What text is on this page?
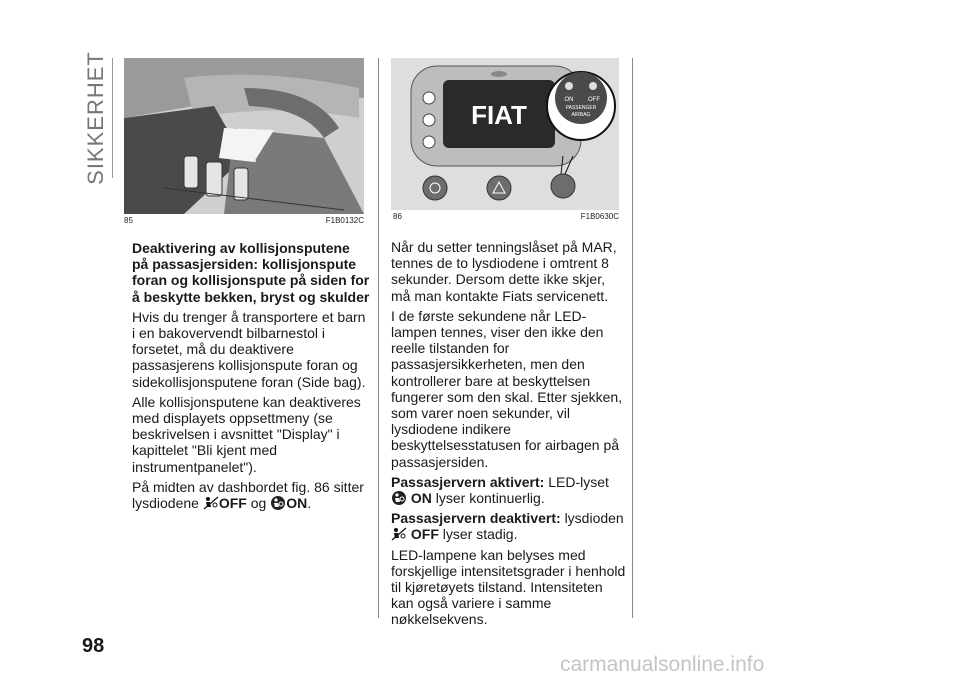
SIKKERHET
85	F1B0132C
FIAT	ON OFF
PASSENGER
AIRBAG
86	F1B0630C

Deaktivering av kollisjonsputene på passasjersiden: kollisjonspute foran og kollisjonspute på siden for å beskytte bekken, bryst og skulder

Hvis du trenger å transportere et barn i en bakovervendt bilbarnestol i forsetet, må du deaktivere passasjerens kollisjonspute foran og sidekollisjonsputene foran (Side bag).

Alle kollisjonsputene kan deaktiveres med displayets oppsettmeny (se beskrivelsen i avsnittet "Display" i kapittelet "Bli kjent med instrumentpanelet").

På midten av dashbordet fig. 86 sitter lysdiodene OFF og ON.

Når du setter tenningslåset på MAR, tennes de to lysdiodene i omtrent 8 sekunder. Dersom dette ikke skjer, må man kontakte Fiats servicenett.

I de første sekundene når LED-lampen tennes, viser den ikke den reelle tilstanden for passasjersikkerheten, men den kontrollerer bare at beskyttelsen fungerer som den skal. Etter sjekken, som varer noen sekunder, vil lysdiodene indikere beskyttelsesstatusen for airbagen på passasjersiden.

Passasjervern aktivert: LED-lyset  ON lyser kontinuerlig.

Passasjervern deaktivert: lysdioden  OFF lyser stadig.

LED-lampene kan belyses med forskjellige intensitetsgrader i henhold til kjøretøyets tilstand. Intensiteten kan også variere i samme nøkkelsekvens.

98
carmanualsonline.info
